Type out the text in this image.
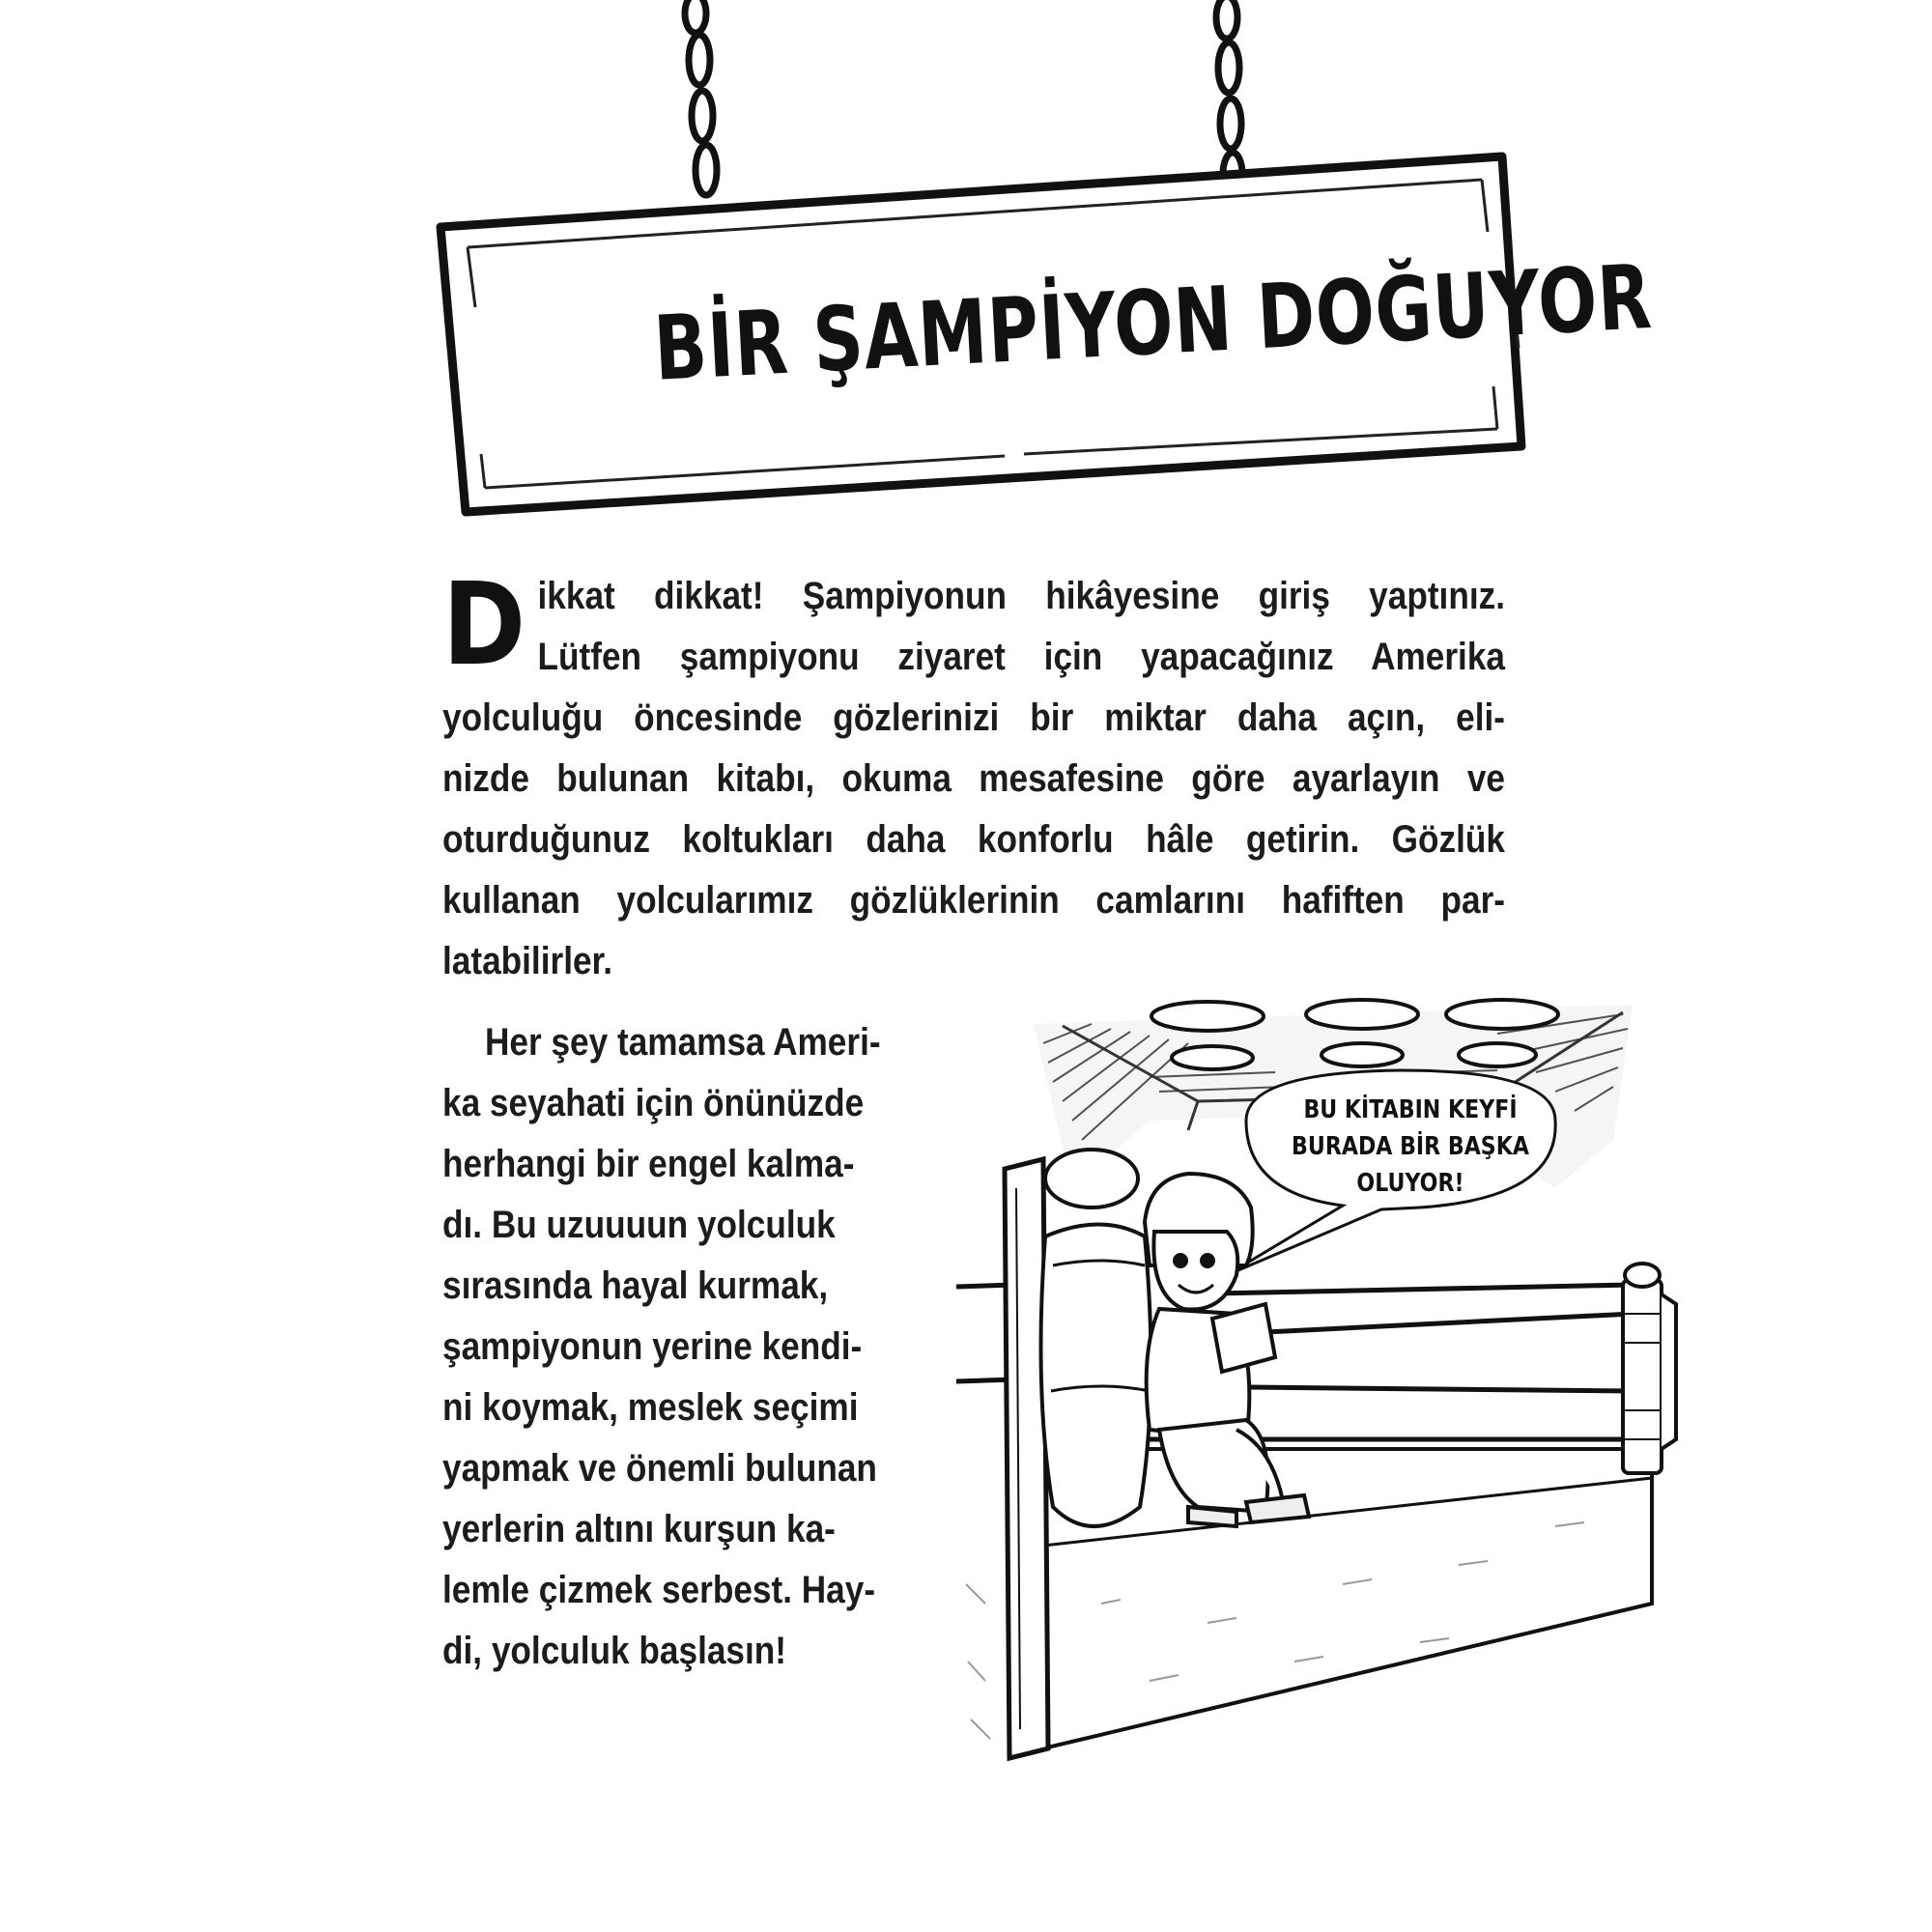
BİR ŞAMPİYON DOĞUYOR
D ikkat dikkat! Şampiyonun hikâyesine giriş yaptınız.
Lütfen şampiyonu ziyaret için yapacağınız Amerika
yolculuğu öncesinde gözlerinizi bir miktar daha açın, eli-
nizde bulunan kitabı, okuma mesafesine göre ayarlayın ve
oturduğunuz koltukları daha konforlu hâle getirin. Gözlük
kullanan yolcularımız gözlüklerinin camlarını hafiften par-
latabilirler.
Her şey tamamsa Ameri-
ka seyahati için önünüzde
herhangi bir engel kalma-
dı. Bu uzuuuun yolculuk
sırasında hayal kurmak,
şampiyonun yerine kendi-
ni koymak, meslek seçimi
yapmak ve önemli bulunan
yerlerin altını kurşun ka-
lemle çizmek serbest. Hay-
di, yolculuk başlasın!
BU KİTABIN KEYFİ
BURADA BİR BAŞKA
OLUYOR!
